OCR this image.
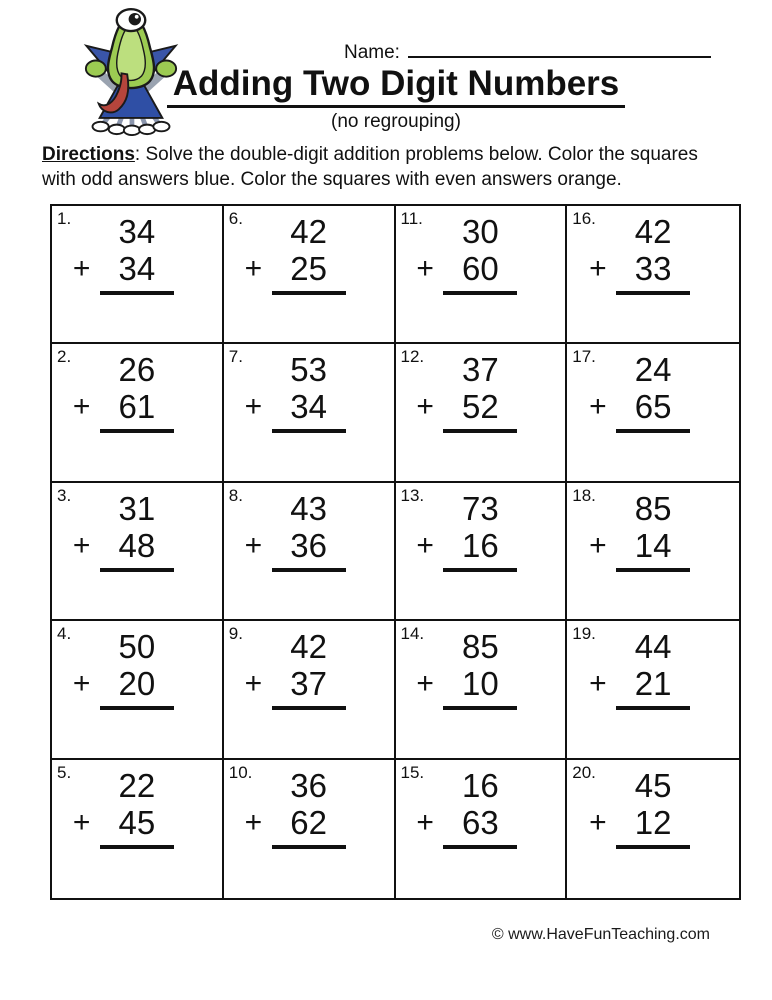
Name:
Adding Two Digit Numbers
(no regrouping)

Directions: Solve the double-digit addition problems below. Color the squares with odd answers blue. Color the squares with even answers orange.

1.	34
+ 34
6.	42
+ 25
11.	30
+ 60
16.	42
+ 33
2.	26
+ 61
7.	53
+ 34
12.	37
+ 52
17.	24
+ 65
3.	31
+ 48
8.	43
+ 36
13.	73
+ 16
18.	85
+ 14
4.	50
+ 20
9.	42
+ 37
14.	85
+ 10
19.	44
+ 21
5.	22
+ 45
10.	36
+ 62
15.	16
+ 63
20.	45
+ 12
© www.HaveFunTeaching.com
